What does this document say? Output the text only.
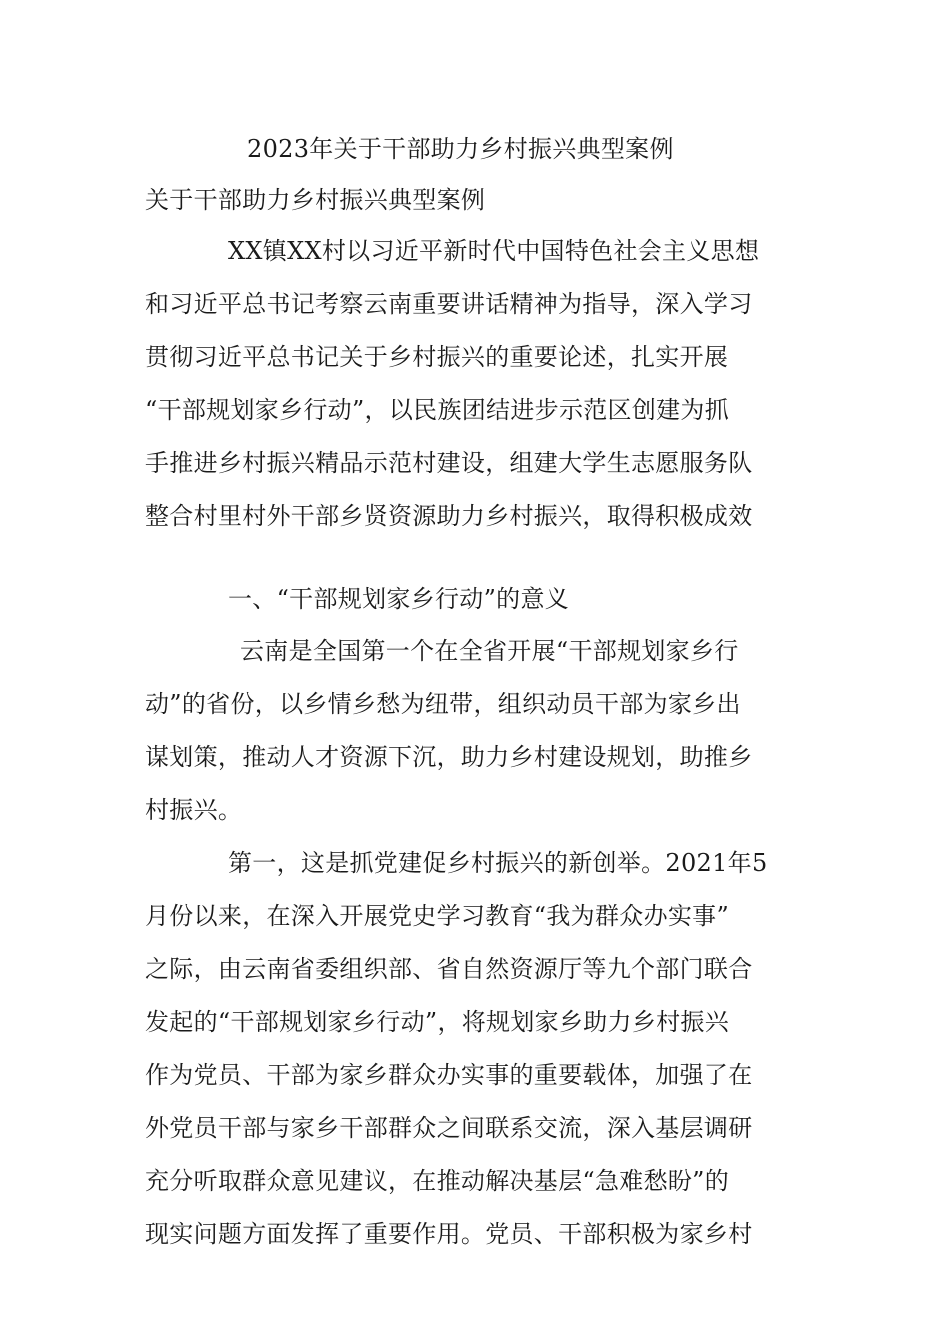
2023年关于干部助力乡村振兴典型案例
关于干部助力乡村振兴典型案例
XX镇XX村以习近平新时代中国特色社会主义思想
和习近平总书记考察云南重要讲话精神为指导，深入学习
贯彻习近平总书记关于乡村振兴的重要论述，扎实开展
“干部规划家乡行动”，以民族团结进步示范区创建为抓
手推进乡村振兴精品示范村建设，组建大学生志愿服务队
整合村里村外干部乡贤资源助力乡村振兴，取得积极成效
一、“干部规划家乡行动”的意义
云南是全国第一个在全省开展“干部规划家乡行
动”的省份，以乡情乡愁为纽带，组织动员干部为家乡出
谋划策，推动人才资源下沉，助力乡村建设规划，助推乡
村振兴。
第一，这是抓党建促乡村振兴的新创举。2021年5
月份以来，在深入开展党史学习教育“我为群众办实事”
之际，由云南省委组织部、省自然资源厅等九个部门联合
发起的“干部规划家乡行动”，将规划家乡助力乡村振兴
作为党员、干部为家乡群众办实事的重要载体，加强了在
外党员干部与家乡干部群众之间联系交流，深入基层调研
充分听取群众意见建议，在推动解决基层“急难愁盼”的
现实问题方面发挥了重要作用。党员、干部积极为家乡村
